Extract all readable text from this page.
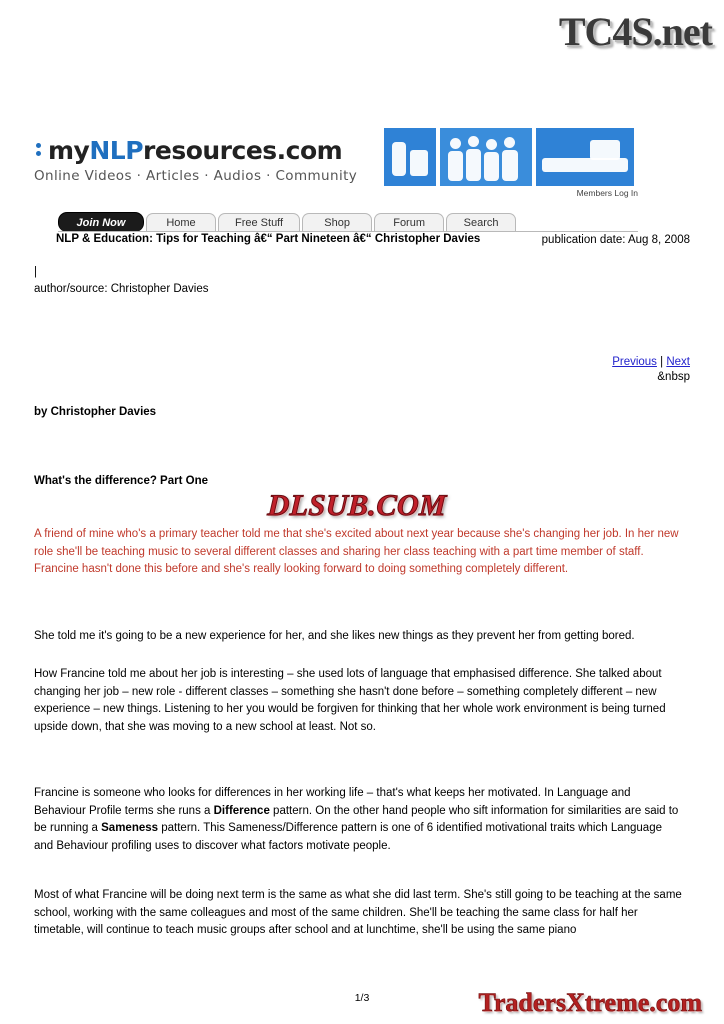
TC4S.net
myNLPresources.com
Online Videos · Articles · Audios · Community
Members Log In
Join Now	Home	Free Stuff	Shop	Forum	Search
NLP & Education: Tips for Teaching â€“ Part Nineteen â€“ Christopher Davies	publication date: Aug 8, 2008
|
author/source: Christopher Davies
Previous | Next
&nbsp
by Christopher Davies
What's the difference? Part One
DLSUB.COM
A friend of mine who's a primary teacher told me that she's excited about next year because she's changing her job. In her new role she'll be teaching music to several different classes and sharing her class teaching with a part time member of staff. Francine hasn't done this before and she's really looking forward to doing something completely different.
She told me it's going to be a new experience for her, and she likes new things as they prevent her from getting bored.
How Francine told me about her job is interesting – she used lots of language that emphasised difference. She talked about changing her job – new role - different classes – something she hasn't done before – something completely different – new experience – new things. Listening to her you would be forgiven for thinking that her whole work environment is being turned upside down, that she was moving to a new school at least. Not so.
Francine is someone who looks for differences in her working life – that's what keeps her motivated. In Language and Behaviour Profile terms she runs a Difference pattern. On the other hand people who sift information for similarities are said to be running a Sameness pattern. This Sameness/Difference pattern is one of 6 identified motivational traits which Language and Behaviour profiling uses to discover what factors motivate people.
Most of what Francine will be doing next term is the same as what she did last term. She's still going to be teaching at the same school, working with the same colleagues and most of the same children. She'll be teaching the same class for half her timetable, will continue to teach music groups after school and at lunchtime, she'll be using the same piano
1/3	TradersXtreme.com
